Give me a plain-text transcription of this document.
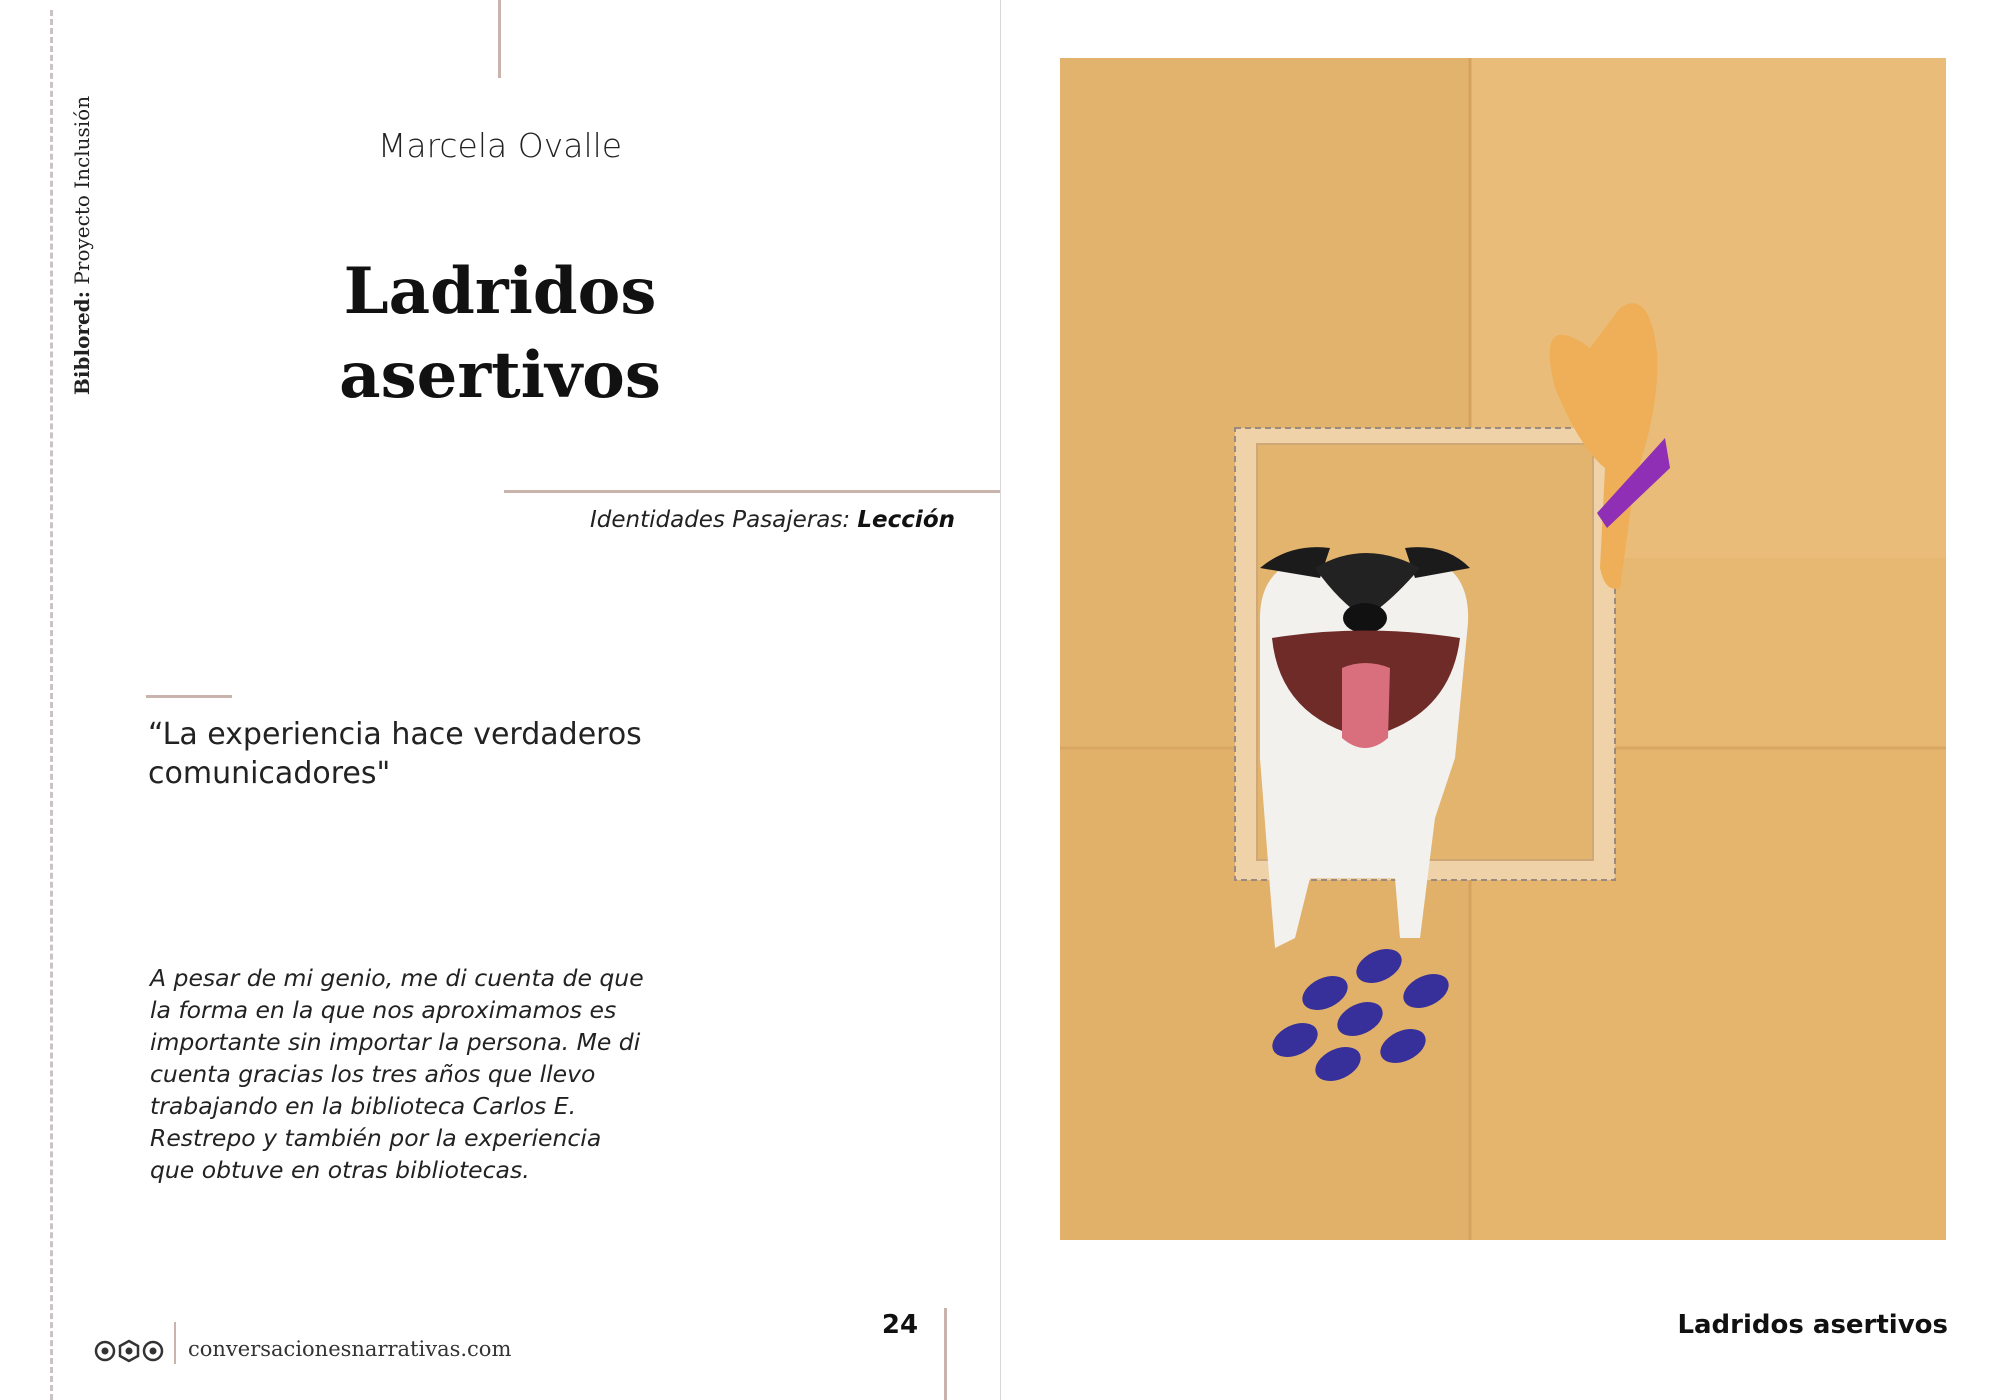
Biblored: Proyecto Inclusión	Marcela Ovalle
Ladridos asertivos
Identidades Pasajeras: Lección
“La experiencia hace verdaderos comunicadores"
A pesar de mi genio, me di cuenta de que la forma en la que nos aproximamos es importante sin importar la persona. Me di cuenta gracias los tres años que llevo trabajando en la biblioteca Carlos E. Restrepo y también por la experiencia que obtuve en otras bibliotecas.
conversacionesnarrativas.com
24	Ladridos asertivos
